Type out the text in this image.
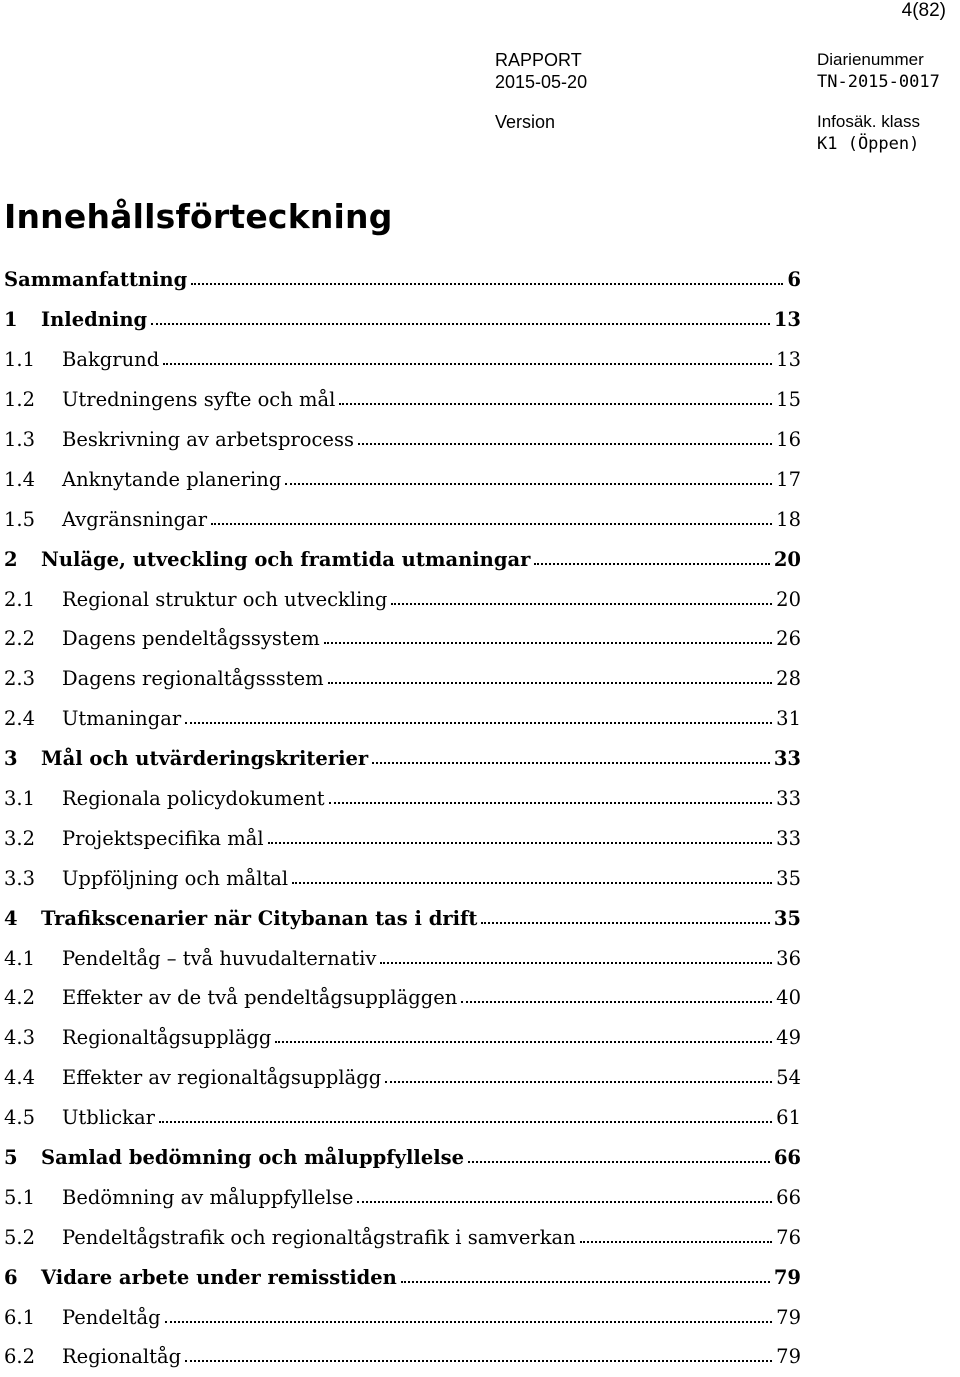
4(82)
RAPPORT
2015-05-20
Version
Diarienummer
TN-2015-0017
Infosäk. klass
K1 (Öppen)
Innehållsförteckning
Sammanfattning	6
1 Inledning	13
1.1 Bakgrund	13
1.2 Utredningens syfte och mål	15
1.3 Beskrivning av arbetsprocess	16
1.4 Anknytande planering	17
1.5 Avgränsningar	18
2 Nuläge, utveckling och framtida utmaningar	20
2.1 Regional struktur och utveckling	20
2.2 Dagens pendeltågssystem	26
2.3 Dagens regionaltågssstem	28
2.4 Utmaningar	31
3 Mål och utvärderingskriterier	33
3.1 Regionala policydokument	33
3.2 Projektspecifika mål	33
3.3 Uppföljning och måltal	35
4 Trafikscenarier när Citybanan tas i drift	35
4.1 Pendeltåg – två huvudalternativ	36
4.2 Effekter av de två pendeltågsuppläggen	40
4.3 Regionaltågsupplägg	49
4.4 Effekter av regionaltågsupplägg	54
4.5 Utblickar	61
5 Samlad bedömning och måluppfyllelse	66
5.1 Bedömning av måluppfyllelse	66
5.2 Pendeltågstrafik och regionaltågstrafik i samverkan	76
6 Vidare arbete under remisstiden	79
6.1 Pendeltåg	79
6.2 Regionaltåg	79
